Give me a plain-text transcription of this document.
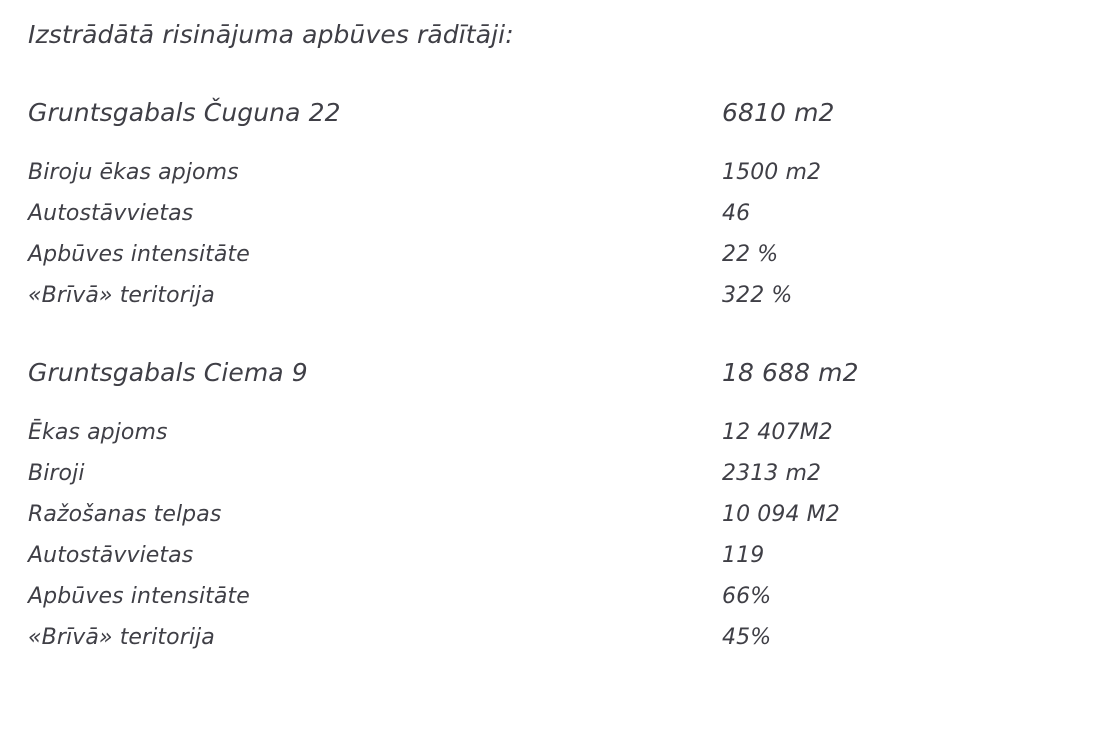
Izstrādātā risinājuma apbūves rādītāji:
Gruntsgabals Čuguna 22	6810 m2
Biroju ēkas apjoms	1500 m2
Autostāvvietas	46
Apbūves intensitāte	22 %
«Brīvā» teritorija	322 %
Gruntsgabals Ciema 9	18 688 m2
Ēkas apjoms	12 407M2
Biroji	2313 m2
Ražošanas telpas	10 094 M2
Autostāvvietas	119
Apbūves intensitāte	66%
«Brīvā» teritorija	45%
